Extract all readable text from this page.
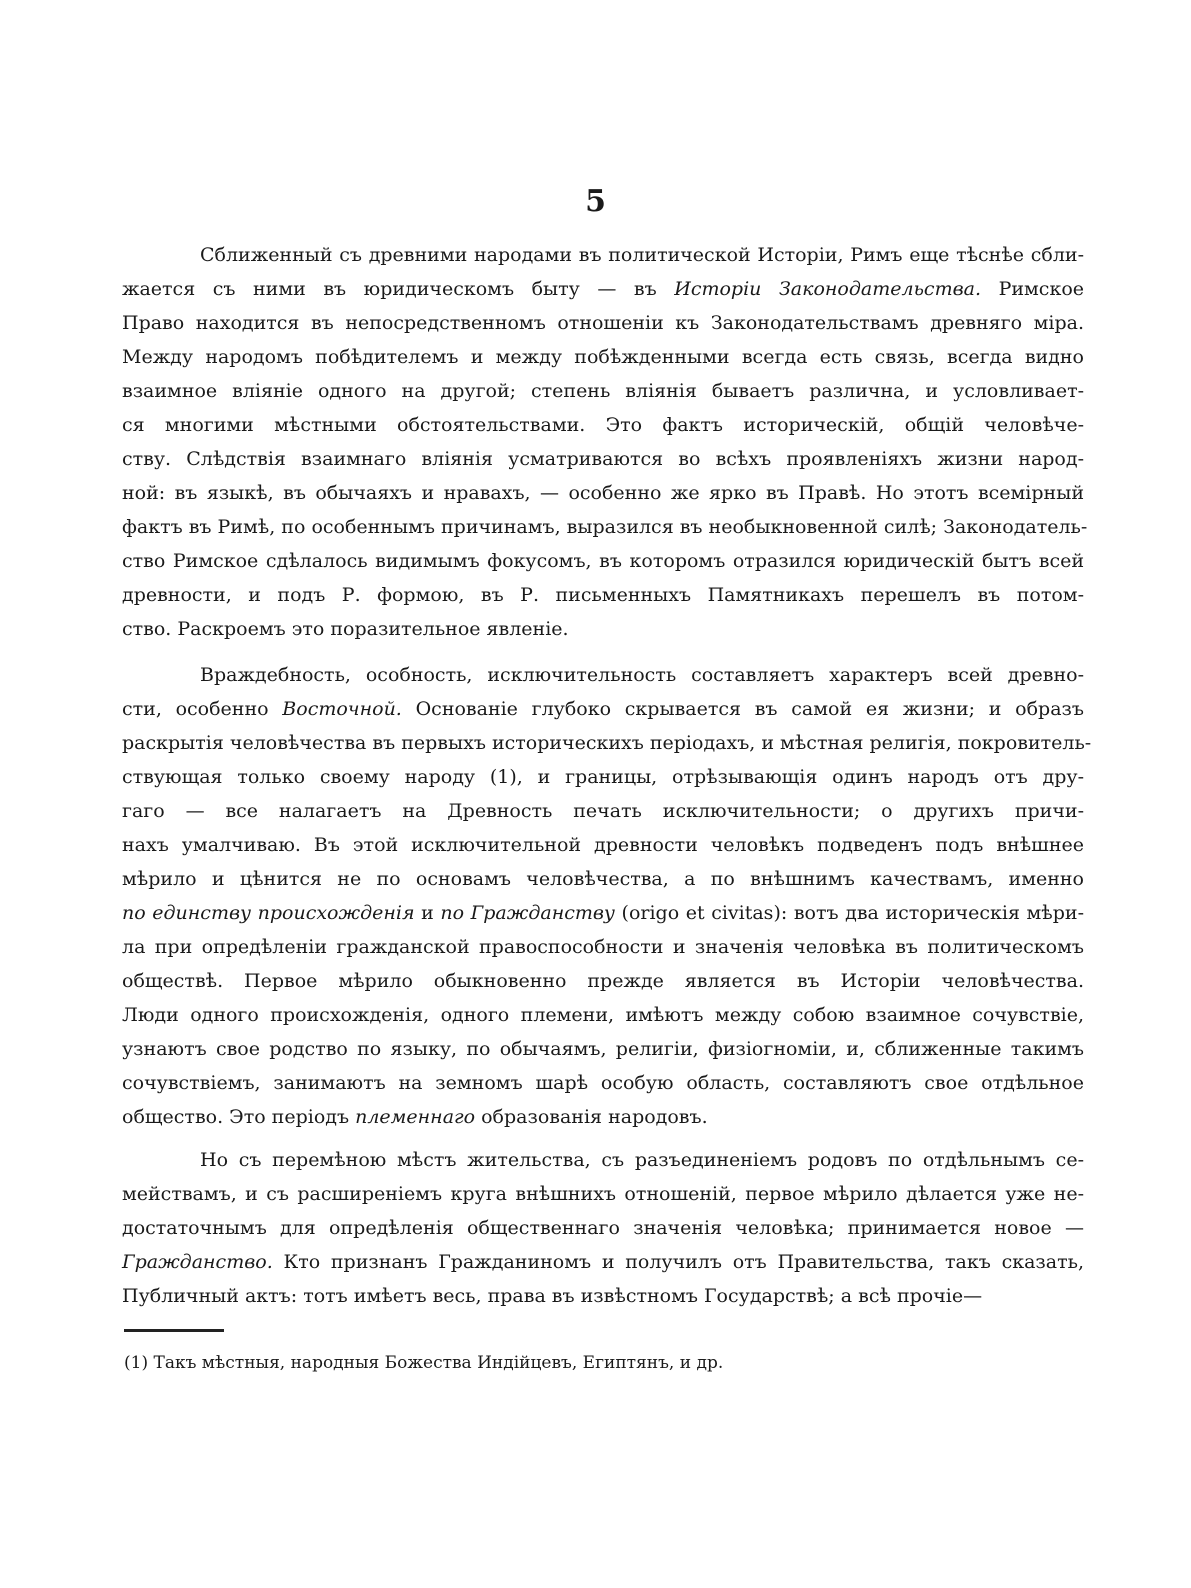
5
Сближенный съ древними народами въ политической Исторіи, Римъ еще тѣснѣе сбли-
жается съ ними въ юридическомъ быту — въ Исторіи Законодательства. Римское
Право находится въ непосредственномъ отношеніи къ Законодательствамъ древняго міра.
Между народомъ побѣдителемъ и между побѣжденными всегда есть связь, всегда видно
взаимное вліяніе одного на другой; степень вліянія бываетъ различна, и условливает-
ся многими мѣстными обстоятельствами. Это фактъ историческій, общій человѣче-
ству. Слѣдствія взаимнаго вліянія усматриваются во всѣхъ проявленіяхъ жизни народ-
ной: въ языкѣ, въ обычаяхъ и нравахъ, — особенно же ярко въ Правѣ. Но этотъ всемірный
фактъ въ Римѣ, по особеннымъ причинамъ, выразился въ необыкновенной силѣ; Законодатель-
ство Римское сдѣлалось видимымъ фокусомъ, въ которомъ отразился юридическій бытъ всей
древности, и подъ Р. формою, въ Р. письменныхъ Памятникахъ перешелъ въ потом-
ство. Раскроемъ это поразительное явленіе.
Враждебность, особность, исключительность составляетъ характеръ всей древно-
сти, особенно Восточной. Основаніе глубоко скрывается въ самой ея жизни; и образъ
раскрытія человѣчества въ первыхъ историческихъ періодахъ, и мѣстная религія, покровитель-
ствующая только своему народу (1), и границы, отрѣзывающія одинъ народъ отъ дру-
гаго — все налагаетъ на Древность печать исключительности; о другихъ причи-
нахъ умалчиваю. Въ этой исключительной древности человѣкъ подведенъ подъ внѣшнее
мѣрило и цѣнится не по основамъ человѣчества, а по внѣшнимъ качествамъ, именно
по единству происхожденія и по Гражданству (origo et civitas): вотъ два историческія мѣри-
ла при опредѣленіи гражданской правоспособности и значенія человѣка въ политическомъ
обществѣ. Первое мѣрило обыкновенно прежде является въ Исторіи человѣчества.
Люди одного происхожденія, одного племени, имѣютъ между собою взаимное сочувствіе,
узнаютъ свое родство по языку, по обычаямъ, религіи, физіогноміи, и, сближенные такимъ
сочувствіемъ, занимаютъ на земномъ шарѣ особую область, составляютъ свое отдѣльное
общество. Это періодъ племеннаго образованія народовъ.
Но съ перемѣною мѣстъ жительства, съ разъединеніемъ родовъ по отдѣльнымъ се-
мействамъ, и съ расширеніемъ круга внѣшнихъ отношеній, первое мѣрило дѣлается уже не-
достаточнымъ для опредѣленія общественнаго значенія человѣка; принимается новое —
Гражданство. Кто признанъ Гражданиномъ и получилъ отъ Правительства, такъ сказать,
Публичный актъ: тотъ имѣетъ весь, права въ извѣстномъ Государствѣ; а всѣ прочіе—
(1) Такъ мѣстныя, народныя Божества Индійцевъ, Египтянъ, и др.
